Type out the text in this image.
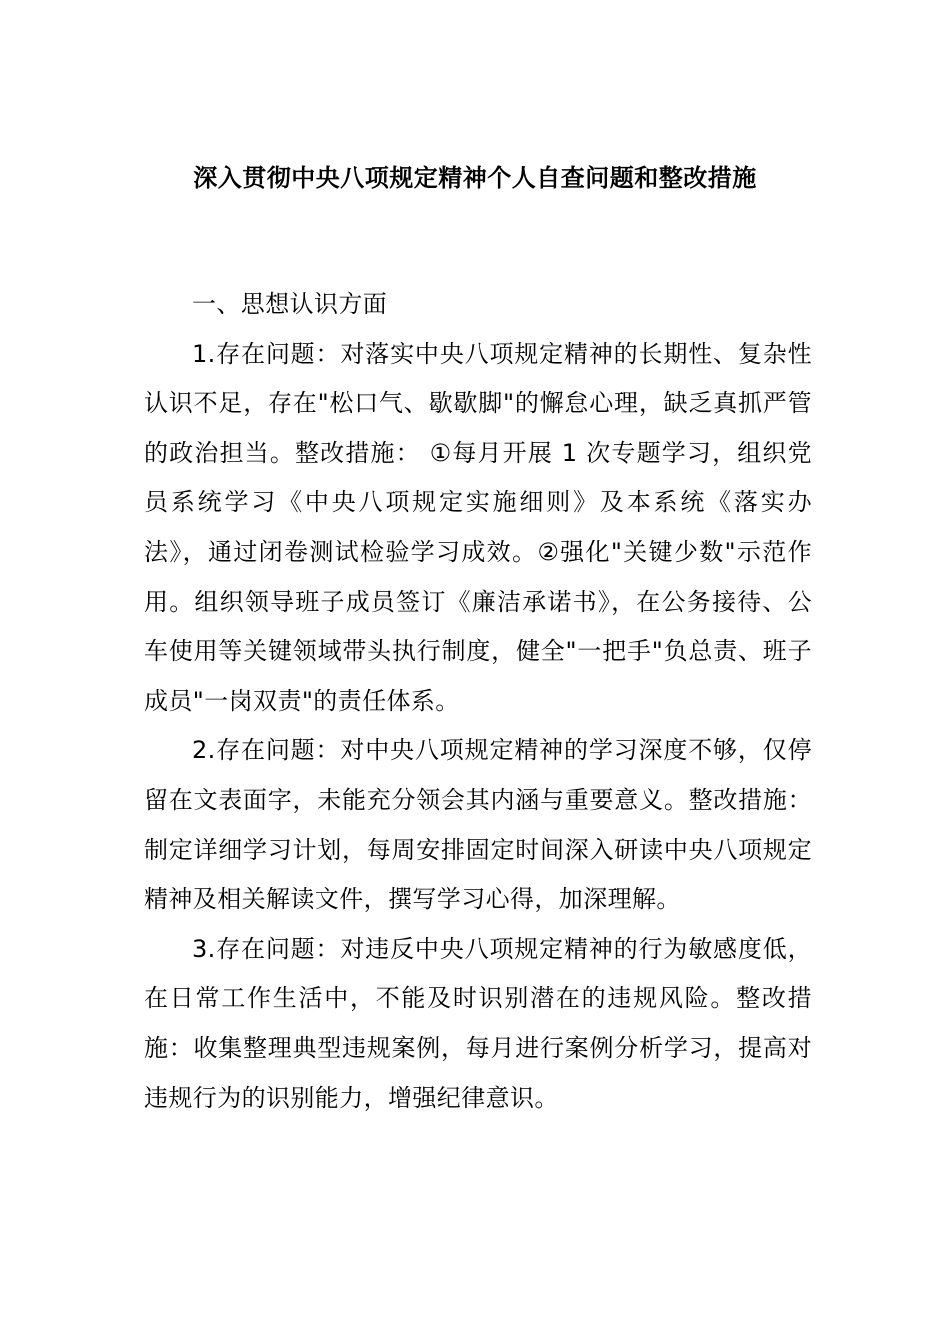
深入贯彻中央八项规定精神个人自查问题和整改措施

一、思想认识方面

1.存在问题：对落实中央八项规定精神的长期性、复杂性认识不足，存在"松口气、歇歇脚"的懈怠心理，缺乏真抓严管的政治担当。整改措施： ①每月开展 1 次专题学习，组织党员系统学习《中央八项规定实施细则》及本系统《落实办法》，通过闭卷测试检验学习成效。②强化"关键少数"示范作用。组织领导班子成员签订《廉洁承诺书》，在公务接待、公车使用等关键领域带头执行制度，健全"一把手"负总责、班子成员"一岗双责"的责任体系。

2.存在问题：对中央八项规定精神的学习深度不够，仅停留在文表面字，未能充分领会其内涵与重要意义。整改措施：制定详细学习计划，每周安排固定时间深入研读中央八项规定精神及相关解读文件，撰写学习心得，加深理解。

3.存在问题：对违反中央八项规定精神的行为敏感度低，在日常工作生活中，不能及时识别潜在的违规风险。整改措施：收集整理典型违规案例，每月进行案例分析学习，提高对违规行为的识别能力，增强纪律意识。
